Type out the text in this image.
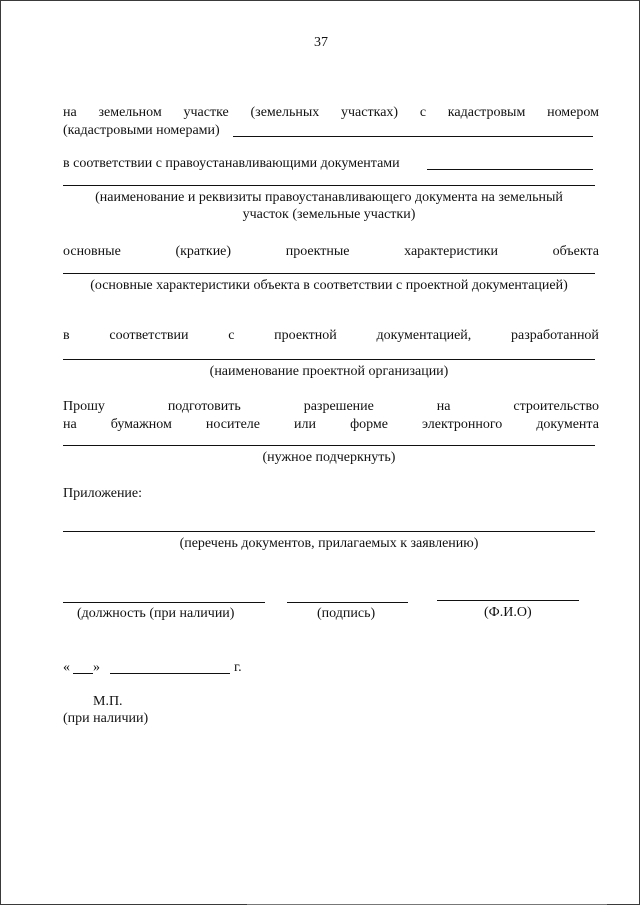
37
на земельном участке (земельных участках) с кадастровым номером
(кадастровыми номерами)
в соответствии с правоустанавливающими документами
(наименование и реквизиты правоустанавливающего документа на земельный
участок (земельные участки)
основные	(краткие)	проектные	характеристики	объекта
(основные характеристики объекта в соответствии с проектной документацией)
в	соответствии	с	проектной	документацией,	разработанной
(наименование проектной организации)
Прошу	подготовить	разрешение	на	строительство
на бумажном носителе или форме электронного документа
(нужное подчеркнуть)
Приложение:
(перечень документов, прилагаемых к заявлению)
(должность (при наличии)	(подпись)	(Ф.И.О)
« »	г.
М.П.
(при наличии)
